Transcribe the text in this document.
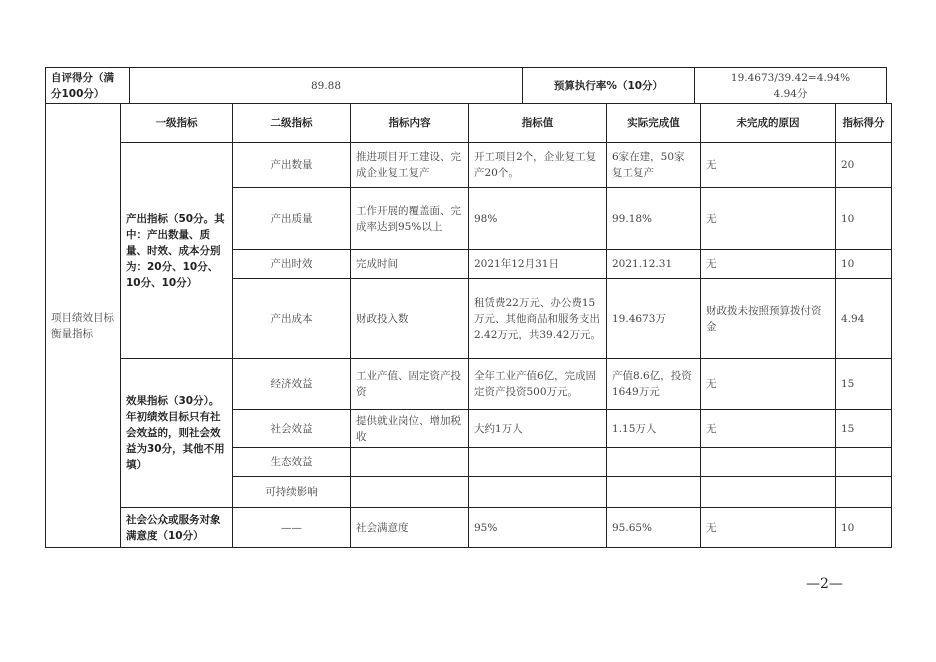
自评得分（满分100分）	89.88	预算执行率%（10分）	
19.4673/39.42=4.94%
4.94分
项目绩效目标衡量指标	一级指标	二级指标	指标内容	指标值	实际完成值	未完成的原因	指标得分
	产出指标（50分。其中：产出数量、质量、时效、成本分别为：20分、10分、10分、10分）	产出数量	推进项目开工建设、完成企业复工复产	开工项目2个，企业复工复产20个。	6家在建，50家复工复产	无	20
		产出质量	工作开展的覆盖面、完成率达到95%以上	98%	99.18%	无	10
		产出时效	完成时间	2021年12月31日	2021.12.31	无	10
		产出成本	财政投入数	租赁费22万元、办公费15万元、其他商品和服务支出2.42万元，共39.42万元。	19.4673万	财政拨未按照预算拨付资金	4.94
	效果指标（30分）。年初绩效目标只有社会效益的，则社会效益为30分，其他不用填）	经济效益	工业产值、固定资产投资	全年工业产值6亿，完成固定资产投资500万元。	产值8.6亿，投资1649万元	无	15
		社会效益	提供就业岗位、增加税收	大约1万人	1.15万人	无	15
		生态效益					
		可持续影响					
	社会公众或服务对象满意度（10分）	——	社会满意度	95%	95.65%	无	10
—2—
